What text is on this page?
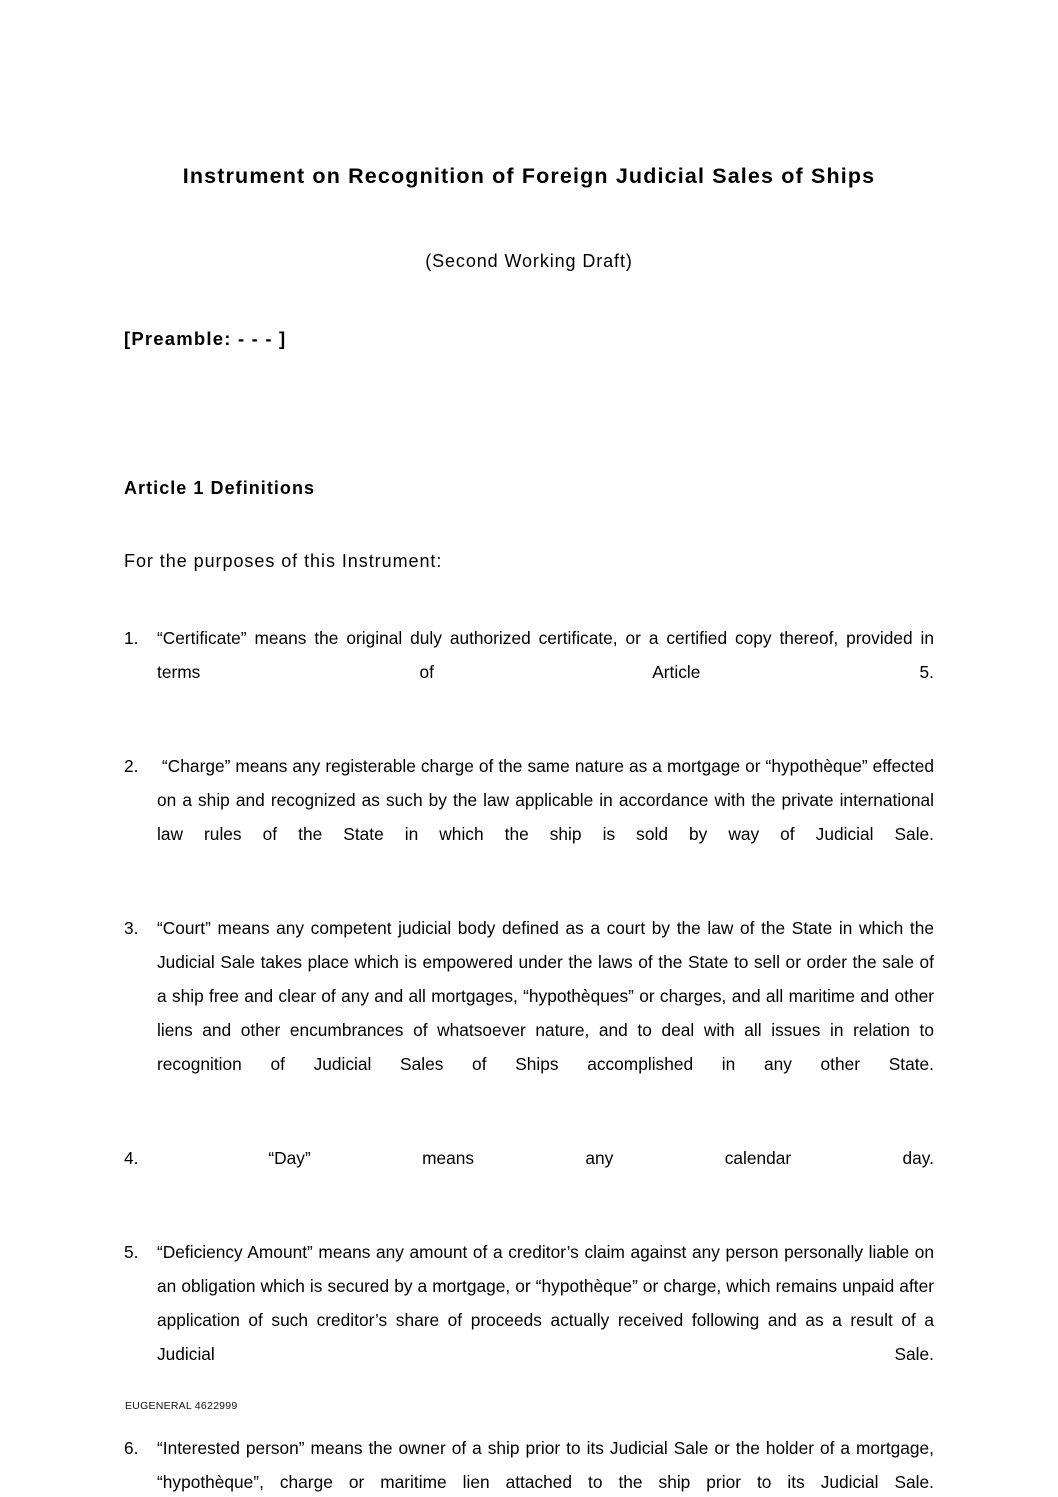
Instrument on Recognition of Foreign Judicial Sales of Ships
(Second Working Draft)
[Preamble: - - - ]
Article 1 Definitions
For the purposes of this Instrument:
1. “Certificate” means the original duly authorized certificate, or a certified copy thereof, provided in terms of Article 5.
2. “Charge” means any registerable charge of the same nature as a mortgage or “hypothèque” effected on a ship and recognized as such by the law applicable in accordance with the private international law rules of the State in which the ship is sold by way of Judicial Sale.
3. “Court” means any competent judicial body defined as a court by the law of the State in which the Judicial Sale takes place which is empowered under the laws of the State to sell or order the sale of a ship free and clear of any and all mortgages, “hypothèques” or charges, and all maritime and other liens and other encumbrances of whatsoever nature, and to deal with all issues in relation to recognition of Judicial Sales of Ships accomplished in any other State.
4. “Day” means any calendar day.
5. “Deficiency Amount” means any amount of a creditor’s claim against any person personally liable on an obligation which is secured by a mortgage, or “hypothèque” or charge, which remains unpaid after application of such creditor’s share of proceeds actually received following and as a result of a Judicial Sale.
6. “Interested person” means the owner of a ship prior to its Judicial Sale or the holder of a mortgage, “hypothèque”, charge or maritime lien attached to the ship prior to its Judicial Sale.
EUGENERAL 4622999
